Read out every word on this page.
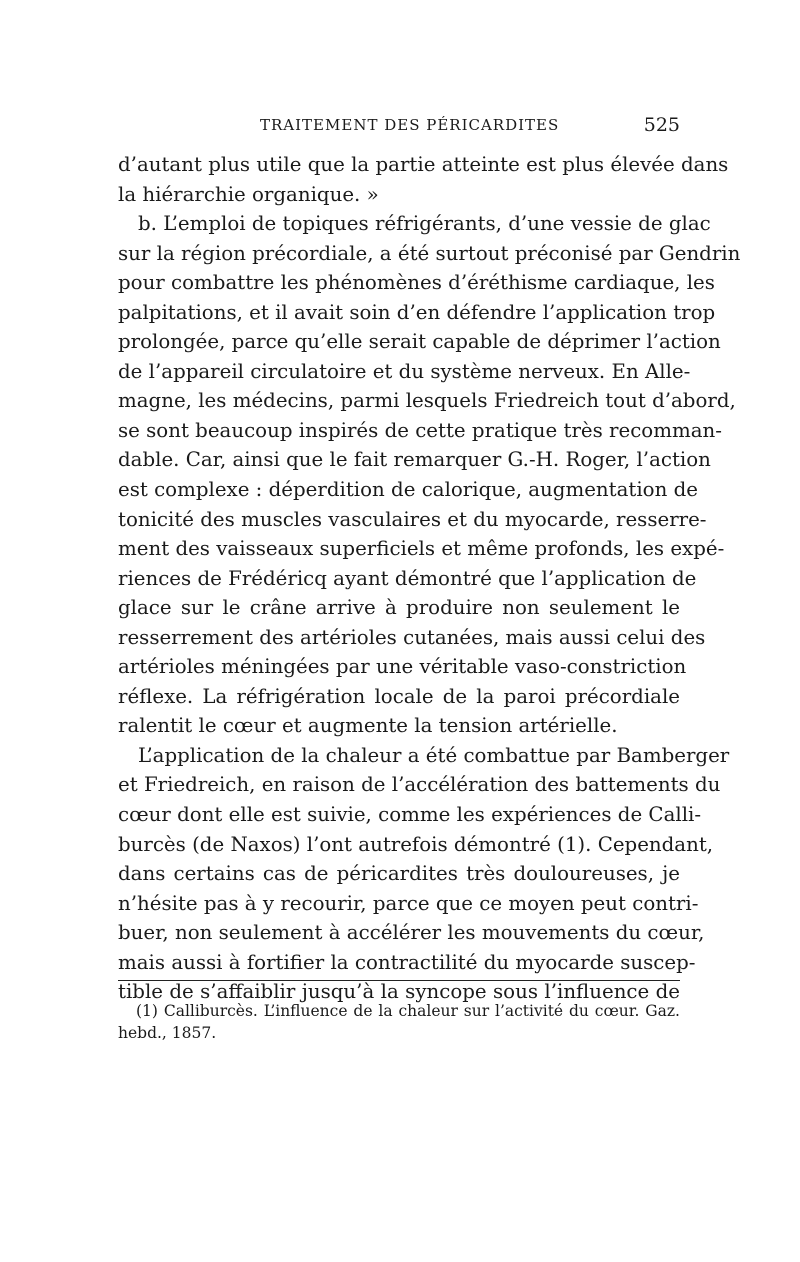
TRAITEMENT DES PÉRICARDITES	525
d’autant plus utile que la partie atteinte est plus élevée dans
la hiérarchie organique. »
b. L’emploi de topiques réfrigérants, d’une vessie de glac
sur la région précordiale, a été surtout préconisé par Gendrin
pour combattre les phénomènes d’éréthisme cardiaque, les
palpitations, et il avait soin d’en défendre l’application trop
prolongée, parce qu’elle serait capable de déprimer l’action
de l’appareil circulatoire et du système nerveux. En Alle-
magne, les médecins, parmi lesquels Friedreich tout d’abord,
se sont beaucoup inspirés de cette pratique très recomman-
dable. Car, ainsi que le fait remarquer G.-H. Roger, l’action
est complexe : déperdition de calorique, augmentation de
tonicité des muscles vasculaires et du myocarde, resserre-
ment des vaisseaux superficiels et même profonds, les expé-
riences de Frédéricq ayant démontré que l’application de
glace sur le crâne arrive à produire non seulement le
resserrement des artérioles cutanées, mais aussi celui des
artérioles méningées par une véritable vaso-constriction
réflexe. La réfrigération locale de la paroi précordiale
ralentit le cœur et augmente la tension artérielle.
L’application de la chaleur a été combattue par Bamberger
et Friedreich, en raison de l’accélération des battements du
cœur dont elle est suivie, comme les expériences de Calli-
burcès (de Naxos) l’ont autrefois démontré (1). Cependant,
dans certains cas de péricardites très douloureuses, je
n’hésite pas à y recourir, parce que ce moyen peut contri-
buer, non seulement à accélérer les mouvements du cœur,
mais aussi à fortifier la contractilité du myocarde suscep-
tible de s’affaiblir jusqu’à la syncope sous l’influence de
(1) Calliburcès. L’influence de la chaleur sur l’activité du cœur. Gaz.
hebd., 1857.
